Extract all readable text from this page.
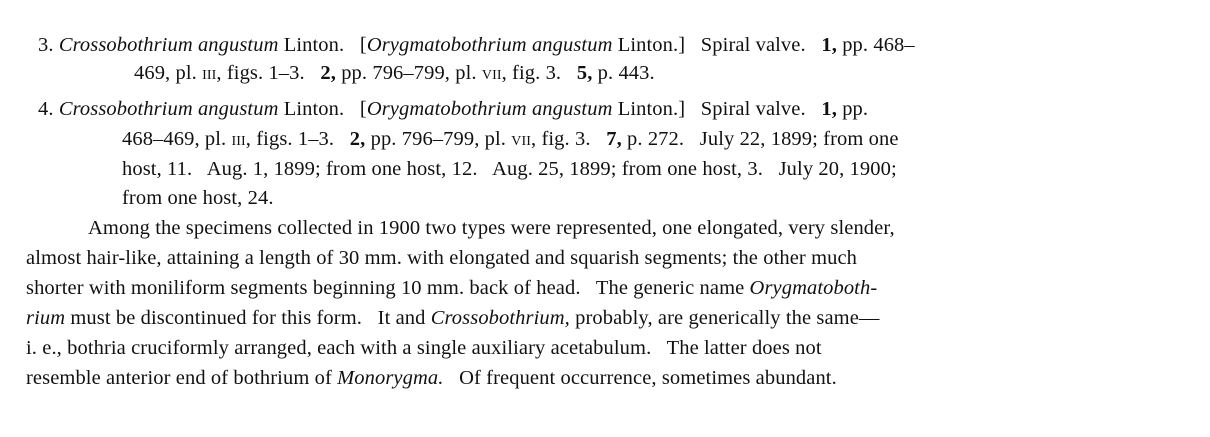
3. Crossobothrium angustum Linton.   [Orygmatobothrium angustum Linton.]   Spiral valve.   1, pp. 468–
469, pl. iii, figs. 1–3.   2, pp. 796–799, pl. vii, fig. 3.   5, p. 443.
4. Crossobothrium angustum Linton.   [Orygmatobothrium angustum Linton.]   Spiral valve.   1, pp.
468–469, pl. iii, figs. 1–3.   2, pp. 796–799, pl. vii, fig. 3.   7, p. 272.   July 22, 1899; from one
host, 11.   Aug. 1, 1899; from one host, 12.   Aug. 25, 1899; from one host, 3.   July 20, 1900;
from one host, 24.
Among the specimens collected in 1900 two types were represented, one elongated, very slender,
almost hair-like, attaining a length of 30 mm. with elongated and squarish segments; the other much
shorter with moniliform segments beginning 10 mm. back of head.   The generic name Orygmatoboth-
rium must be discontinued for this form.   It and Crossobothrium, probably, are generically the same—
i. e., bothria cruciformly arranged, each with a single auxiliary acetabulum.   The latter does not
resemble anterior end of bothrium of Monorygma.   Of frequent occurrence, sometimes abundant.
